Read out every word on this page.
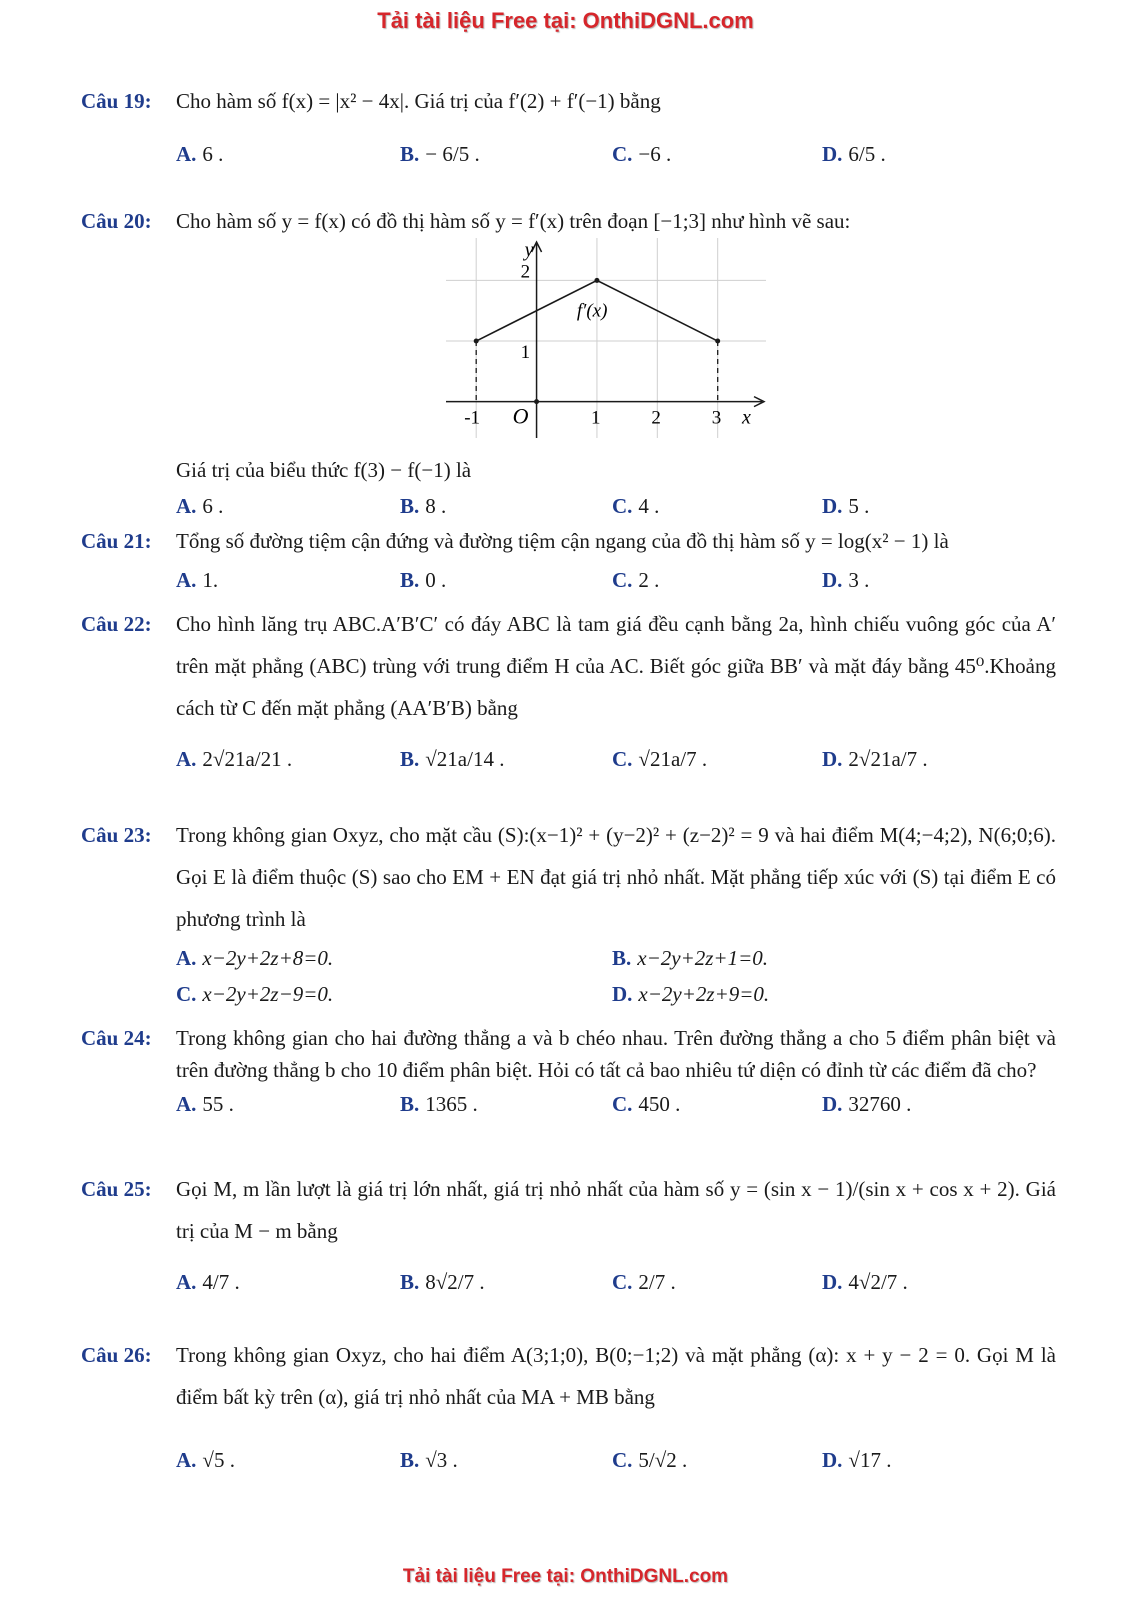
Tải tài liệu Free tại: OnthiDGNL.com
Câu 19: Cho hàm số f(x) = |x² − 4x|. Giá trị của f′(2) + f′(−1) bằng
A. 6 .	B. − 6/5 .	C. −6 .	D. 6/5 .
Câu 20: Cho hàm số y = f(x) có đồ thị hàm số y = f′(x) trên đoạn [−1;3] như hình vẽ sau:
y
x
-1 O	1	2	3
1
2
f′(x)
Giá trị của biểu thức f(3) − f(−1) là
A. 6 .	B. 8 .	C. 4 .	D. 5 .
Câu 21: Tổng số đường tiệm cận đứng và đường tiệm cận ngang của đồ thị hàm số y = log(x² − 1) là
A. 1.	B. 0 .	C. 2 .	D. 3 .
Câu 22: Cho hình lăng trụ ABC.A′B′C′ có đáy ABC là tam giá đều cạnh bằng 2a, hình chiếu vuông góc của A′ trên mặt phẳng (ABC) trùng với trung điểm H của AC. Biết góc giữa BB′ và mặt đáy bằng 45⁰.Khoảng cách từ C đến mặt phẳng (AA′B′B) bằng
A. 2√21a/21 .	B. √21a/14 .	C. √21a/7 .	D. 2√21a/7 .
Câu 23: Trong không gian Oxyz, cho mặt cầu (S):(x−1)² + (y−2)² + (z−2)² = 9 và hai điểm M(4;−4;2), N(6;0;6). Gọi E là điểm thuộc (S) sao cho EM + EN đạt giá trị nhỏ nhất. Mặt phẳng tiếp xúc với (S) tại điểm E có phương trình là
A. x−2y+2z+8=0.	B. x−2y+2z+1=0.
C. x−2y+2z−9=0.	D. x−2y+2z+9=0.
Câu 24: Trong không gian cho hai đường thẳng a và b chéo nhau. Trên đường thẳng a cho 5 điểm phân biệt và trên đường thẳng b cho 10 điểm phân biệt. Hỏi có tất cả bao nhiêu tứ diện có đỉnh từ các điểm đã cho?
A. 55 .	B. 1365 .	C. 450 .	D. 32760 .
Câu 25: Gọi M, m lần lượt là giá trị lớn nhất, giá trị nhỏ nhất của hàm số y = (sin x − 1)/(sin x + cos x + 2). Giá trị của M − m bằng
A. 4/7 .	B. 8√2/7 .	C. 2/7 .	D. 4√2/7 .
Câu 26: Trong không gian Oxyz, cho hai điểm A(3;1;0), B(0;−1;2) và mặt phẳng (α): x + y − 2 = 0. Gọi M là điểm bất kỳ trên (α), giá trị nhỏ nhất của MA + MB bằng
A. √5 .	B. √3 .	C. 5/√2 .	D. √17 .
Tải tài liệu Free tại: OnthiDGNL.com
